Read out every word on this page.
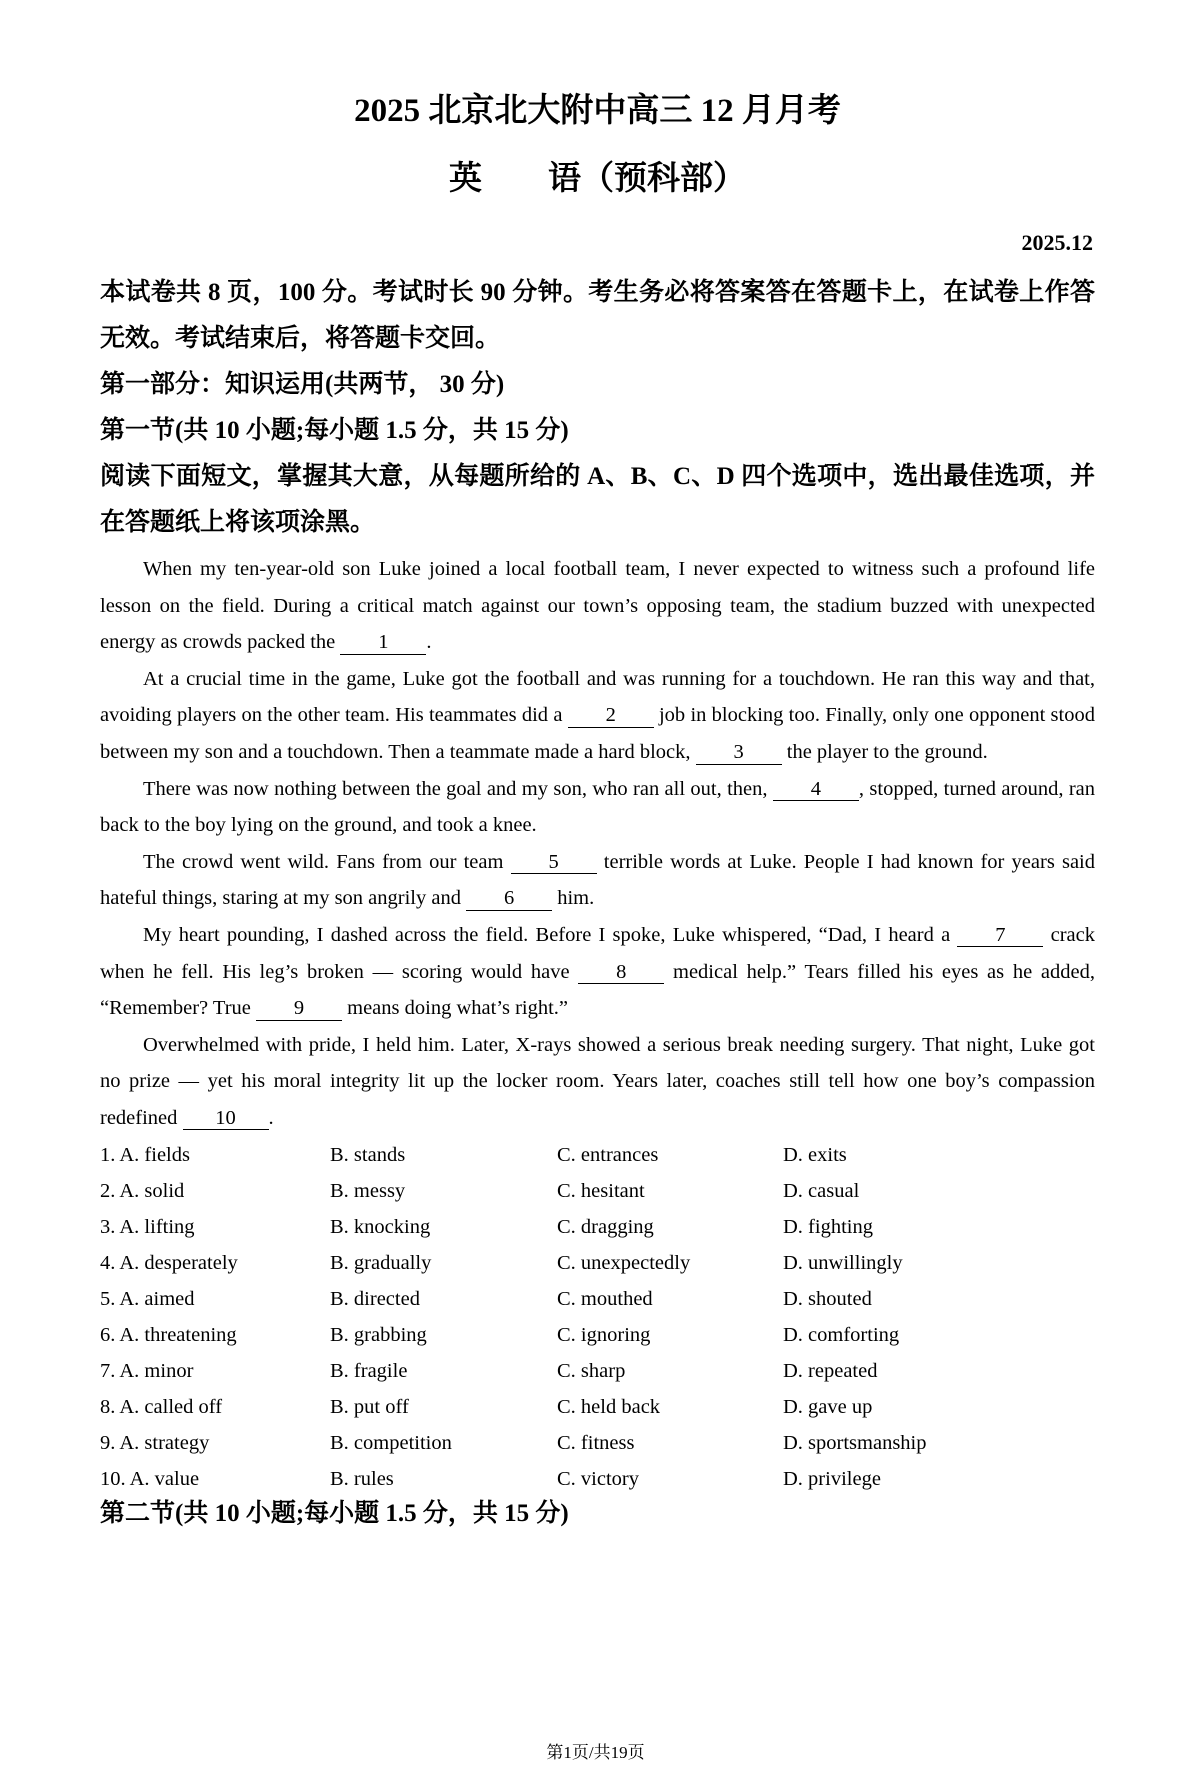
2025 北京北大附中高三 12 月月考
英　　语（预科部）
2025.12

本试卷共 8 页，100 分。考试时长 90 分钟。考生务必将答案答在答题卡上，在试卷上作答无效。考试结束后，将答题卡交回。

第一部分：知识运用(共两节， 30 分)

第一节(共 10 小题;每小题 1.5 分，共 15 分)

阅读下面短文，掌握其大意，从每题所给的 A、B、C、D 四个选项中，选出最佳选项，并在答题纸上将该项涂黑。

When my ten-year-old son Luke joined a local football team, I never expected to witness such a profound life lesson on the field. During a critical match against our town’s opposing team, the stadium buzzed with unexpected energy as crowds packed the 1 .

At a crucial time in the game, Luke got the football and was running for a touchdown. He ran this way and that, avoiding players on the other team. His teammates did a 2 job in blocking too. Finally, only one opponent stood between my son and a touchdown. Then a teammate made a hard block, 3 the player to the ground.

There was now nothing between the goal and my son, who ran all out, then, 4 , stopped, turned around, ran back to the boy lying on the ground, and took a knee.

The crowd went wild. Fans from our team 5 terrible words at Luke. People I had known for years said hateful things, staring at my son angrily and 6 him.

My heart pounding, I dashed across the field. Before I spoke, Luke whispered, “Dad, I heard a 7 crack when he fell. His leg’s broken — scoring would have 8 medical help.” Tears filled his eyes as he added, “Remember? True 9 means doing what’s right.”

Overwhelmed with pride, I held him. Later, X-rays showed a serious break needing surgery. That night, Luke got no prize — yet his moral integrity lit up the locker room. Years later, coaches still tell how one boy’s compassion redefined 10 .

1. A. fields	B. stands	C. entrances	D. exits
2. A. solid	B. messy	C. hesitant	D. casual
3. A. lifting	B. knocking	C. dragging	D. fighting
4. A. desperately	B. gradually	C. unexpectedly	D. unwillingly
5. A. aimed	B. directed	C. mouthed	D. shouted
6. A. threatening	B. grabbing	C. ignoring	D. comforting
7. A. minor	B. fragile	C. sharp	D. repeated
8. A. called off	B. put off	C. held back	D. gave up
9. A. strategy	B. competition	C. fitness	D. sportsmanship
10. A. value	B. rules	C. victory	D. privilege

第二节(共 10 小题;每小题 1.5 分，共 15 分)

第1页/共19页
